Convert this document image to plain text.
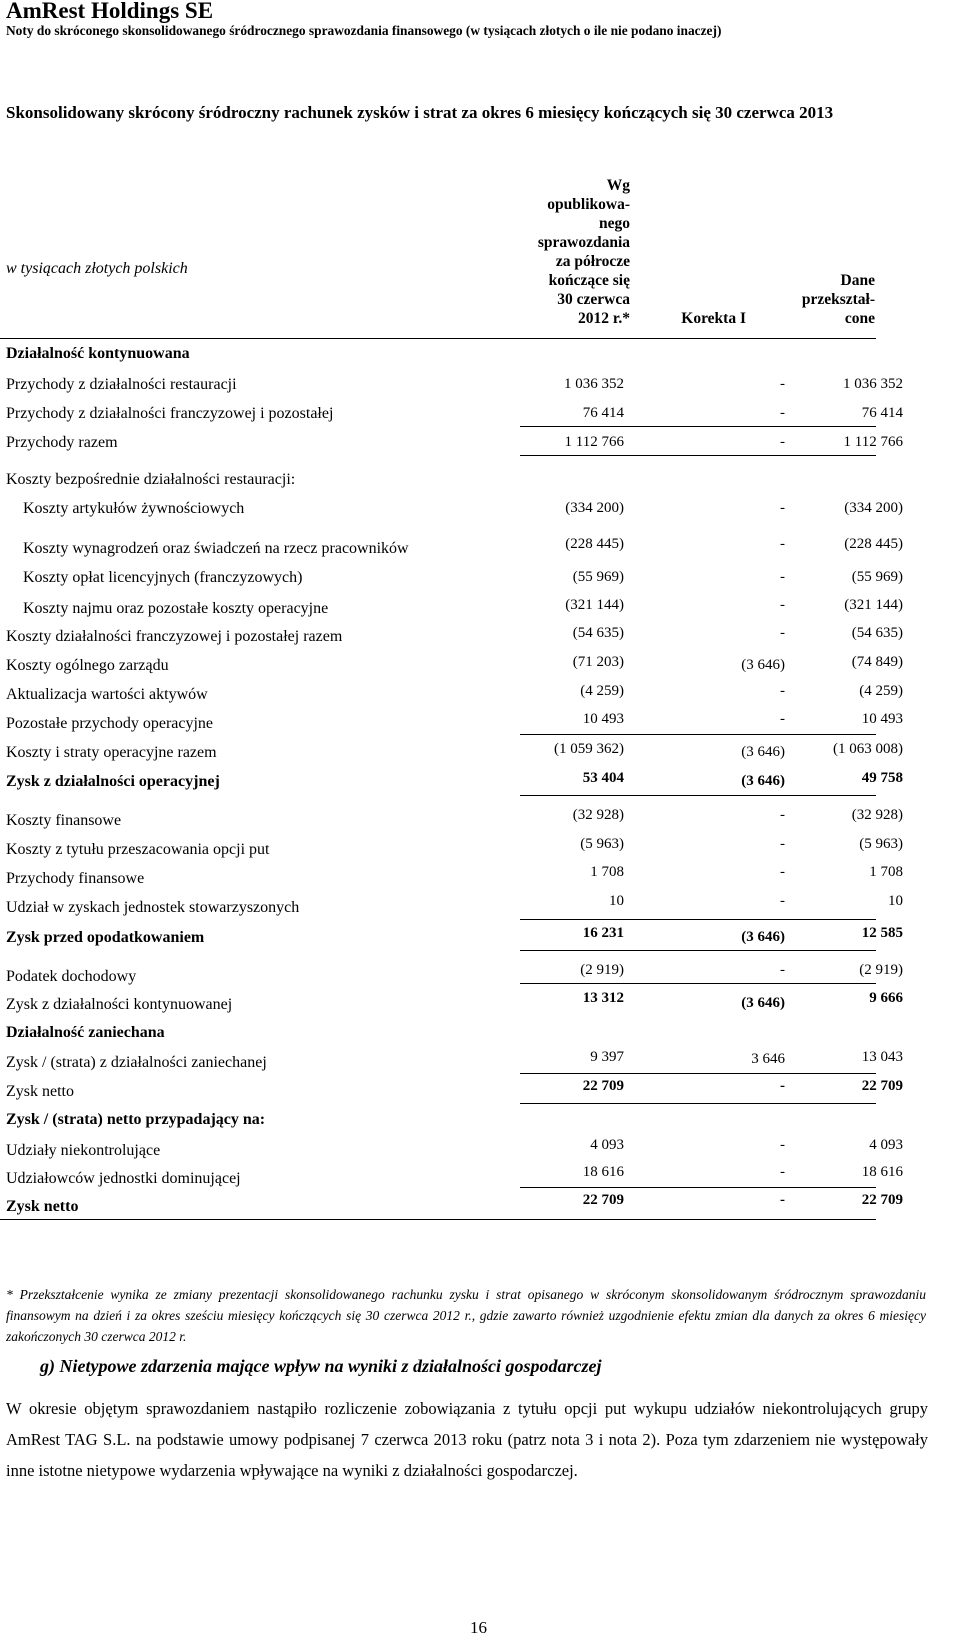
AmRest Holdings SE
Noty do skróconego skonsolidowanego śródrocznego sprawozdania finansowego (w tysiącach złotych o ile nie podano inaczej)
Skonsolidowany skrócony śródroczny rachunek zysków i strat za okres 6 miesięcy kończących się 30 czerwca 2013
w tysiącach złotych polskich
Wg
opublikowa-
nego
sprawozdania
za półrocze
kończące się
30 czerwca
2012 r.*	Korekta I
Dane
przekształ-
cone
Działalność kontynuowana
Przychody z działalności restauracji	1 036 352	-	1 036 352
Przychody z działalności franczyzowej i pozostałej	76 414	-	76 414
Przychody razem	1 112 766	-	1 112 766
Koszty bezpośrednie działalności restauracji:
Koszty artykułów żywnościowych	(334 200)	-	(334 200)
Koszty wynagrodzeń oraz świadczeń na rzecz pracowników	(228 445)	-	(228 445)
Koszty opłat licencyjnych (franczyzowych)	(55 969)	-	(55 969)
Koszty najmu oraz pozostałe koszty operacyjne	(321 144)	-	(321 144)
Koszty działalności franczyzowej i pozostałej razem	(54 635)	-	(54 635)
Koszty ogólnego zarządu	(71 203)	(3 646)	(74 849)
Aktualizacja wartości aktywów	(4 259)	-	(4 259)
Pozostałe przychody operacyjne	10 493	-	10 493
Koszty i straty operacyjne razem	(1 059 362)	(3 646)	(1 063 008)
Zysk z działalności operacyjnej	53 404	(3 646)	49 758
Koszty finansowe	(32 928)	-	(32 928)
Koszty z tytułu przeszacowania opcji put	(5 963)	-	(5 963)
Przychody finansowe	1 708	-	1 708
Udział w zyskach jednostek stowarzyszonych	10	-	10
Zysk przed opodatkowaniem	16 231	(3 646)	12 585
Podatek dochodowy	(2 919)	-	(2 919)
Zysk z działalności kontynuowanej	13 312	(3 646)	9 666
Działalność zaniechana
Zysk / (strata) z działalności zaniechanej	9 397	3 646	13 043
Zysk netto	22 709	-	22 709
Zysk / (strata) netto przypadający na:
Udziały niekontrolujące	4 093	-	4 093
Udziałowców jednostki dominującej	18 616	-	18 616
Zysk netto	22 709	-	22 709
* Przekształcenie wynika ze zmiany prezentacji skonsolidowanego rachunku zysku i strat opisanego w skróconym skonsolidowanym śródrocznym sprawozdaniu finansowym na dzień i za okres sześciu miesięcy kończących się 30 czerwca 2012 r., gdzie zawarto również uzgodnienie efektu zmian dla danych za okres 6 miesięcy zakończonych 30 czerwca 2012 r.
g) Nietypowe zdarzenia mające wpływ na wyniki z działalności gospodarczej
W okresie objętym sprawozdaniem nastąpiło rozliczenie zobowiązania z tytułu opcji put wykupu udziałów niekontrolujących grupy AmRest TAG S.L. na podstawie umowy podpisanej 7 czerwca 2013 roku (patrz nota 3 i nota 2). Poza tym zdarzeniem nie występowały inne istotne nietypowe wydarzenia wpływające na wyniki z działalności gospodarczej.
16
